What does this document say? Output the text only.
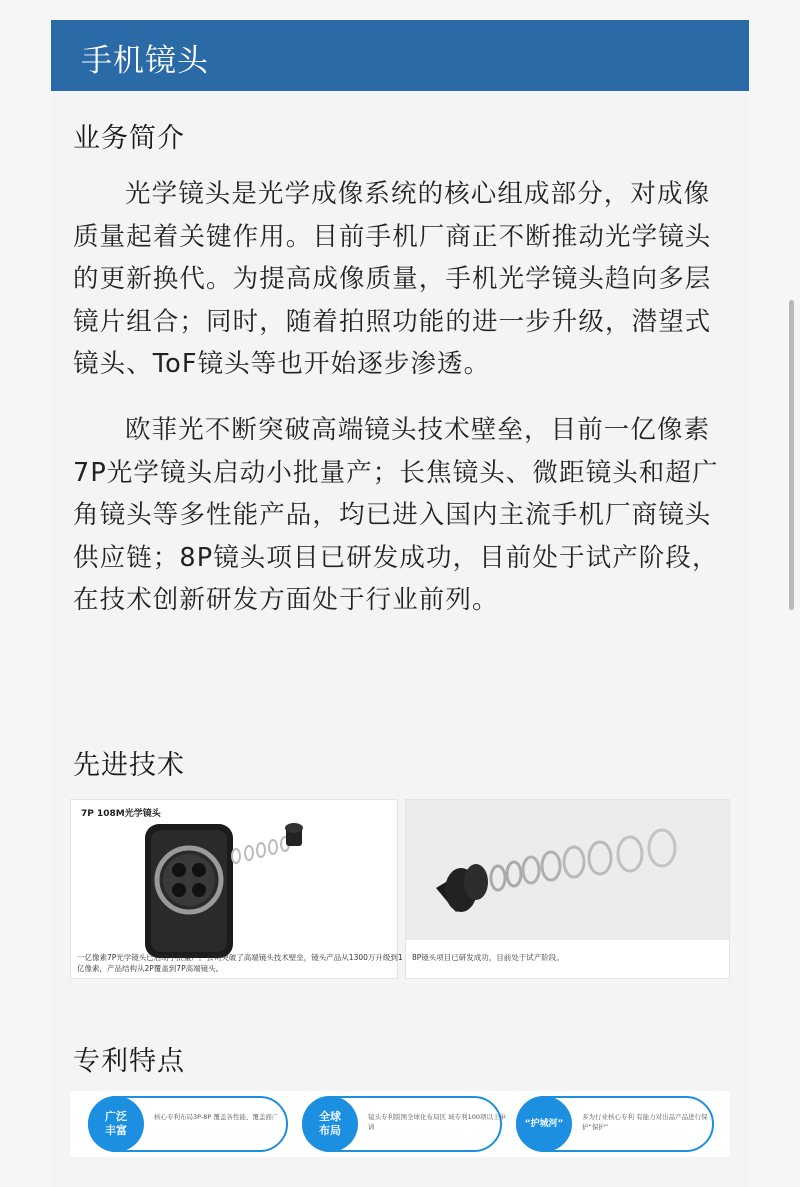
手机镜头
业务简介
光学镜头是光学成像系统的核心组成部分，对成像质量起着关键作用。目前手机厂商正不断推动光学镜头的更新换代。为提高成像质量，手机光学镜头趋向多层镜片组合；同时，随着拍照功能的进一步升级，潜望式镜头、ToF镜头等也开始逐步渗透。
欧菲光不断突破高端镜头技术壁垒，目前一亿像素7P光学镜头启动小批量产；长焦镜头、微距镜头和超广角镜头等多性能产品，均已进入国内主流手机厂商镜头供应链；8P镜头项目已研发成功，目前处于试产阶段，在技术创新研发方面处于行业前列。
先进技术
专利特点
7P 108M光学镜头
一亿像素7P光学镜头已启动小批量产。公司突破了高端镜头技术壁垒，镜头产品从1300万升级到1亿像素，产品结构从2P覆盖到7P高端镜头。
8P镜头项目已研发成功，目前处于试产阶段。
广泛
丰富
核心专利布局3P-8P 覆盖各性能、覆盖面广	全球
布局
镜头专利版图全球化布局区 域专利100项以上申请	“护城河”
多为行业核心专利 有能力对出品产品进行保 护“保护”
